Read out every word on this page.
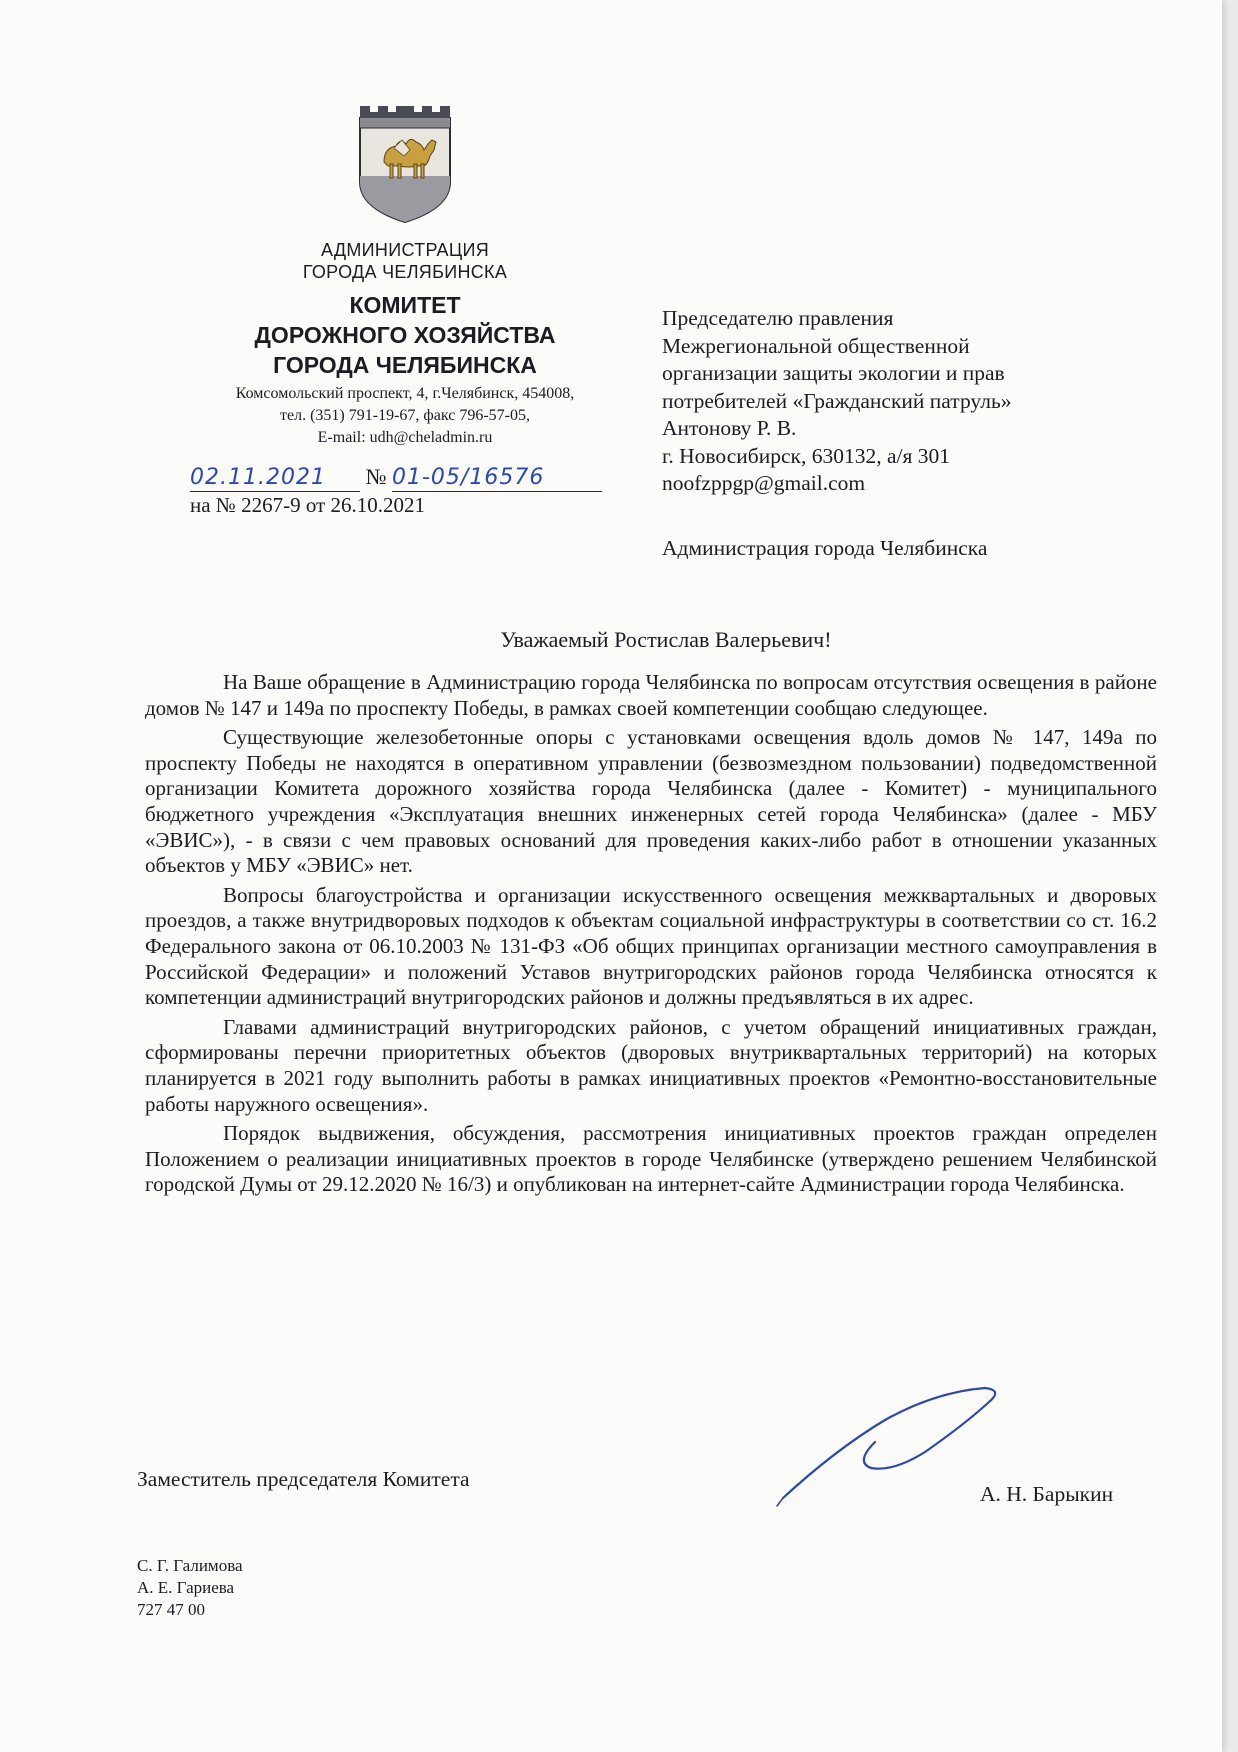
АДМИНИСТРАЦИЯ
ГОРОДА ЧЕЛЯБИНСКА
КОМИТЕТ
ДОРОЖНОГО ХОЗЯЙСТВА
ГОРОДА ЧЕЛЯБИНСКА
Комсомольский проспект, 4, г.Челябинск, 454008,
тел. (351) 791-19-67, факс 796-57-05,
E-mail: udh@cheladmin.ru
02.11.2021 № 01-05/16576
на № 2267-9 от 26.10.2021
Председателю правления
Межрегиональной общественной
организации защиты экологии и прав
потребителей «Гражданский патруль»
Антонову Р. В.
г. Новосибирск, 630132, а/я 301
noofzppgp@gmail.com
Администрация города Челябинска
Уважаемый Ростислав Валерьевич!

На Ваше обращение в Администрацию города Челябинска по вопросам отсутствия освещения в районе домов № 147 и 149а по проспекту Победы, в рамках своей компетенции сообщаю следующее.

Существующие железобетонные опоры с установками освещения вдоль домов № 147, 149а по проспекту Победы не находятся в оперативном управлении (безвозмездном пользовании) подведомственной организации Комитета дорожного хозяйства города Челябинска (далее - Комитет) - муниципального бюджетного учреждения «Эксплуатация внешних инженерных сетей города Челябинска» (далее - МБУ «ЭВИС»), - в связи с чем правовых оснований для проведения каких-либо работ в отношении указанных объектов у МБУ «ЭВИС» нет.

Вопросы благоустройства и организации искусственного освещения межквартальных и дворовых проездов, а также внутридворовых подходов к объектам социальной инфраструктуры в соответствии со ст. 16.2 Федерального закона от 06.10.2003 № 131-ФЗ «Об общих принципах организации местного самоуправления в Российской Федерации» и положений Уставов внутригородских районов города Челябинска относятся к компетенции администраций внутригородских районов и должны предъявляться в их адрес.

Главами администраций внутригородских районов, с учетом обращений инициативных граждан, сформированы перечни приоритетных объектов (дворовых внутриквартальных территорий) на которых планируется в 2021 году выполнить работы в рамках инициативных проектов «Ремонтно-восстановительные работы наружного освещения».

Порядок выдвижения, обсуждения, рассмотрения инициативных проектов граждан определен Положением о реализации инициативных проектов в городе Челябинске (утверждено решением Челябинской городской Думы от 29.12.2020 № 16/3) и опубликован на интернет-сайте Администрации города Челябинска.

Заместитель председателя Комитета
А. Н. Барыкин
С. Г. Галимова
А. Е. Гариева
727 47 00
